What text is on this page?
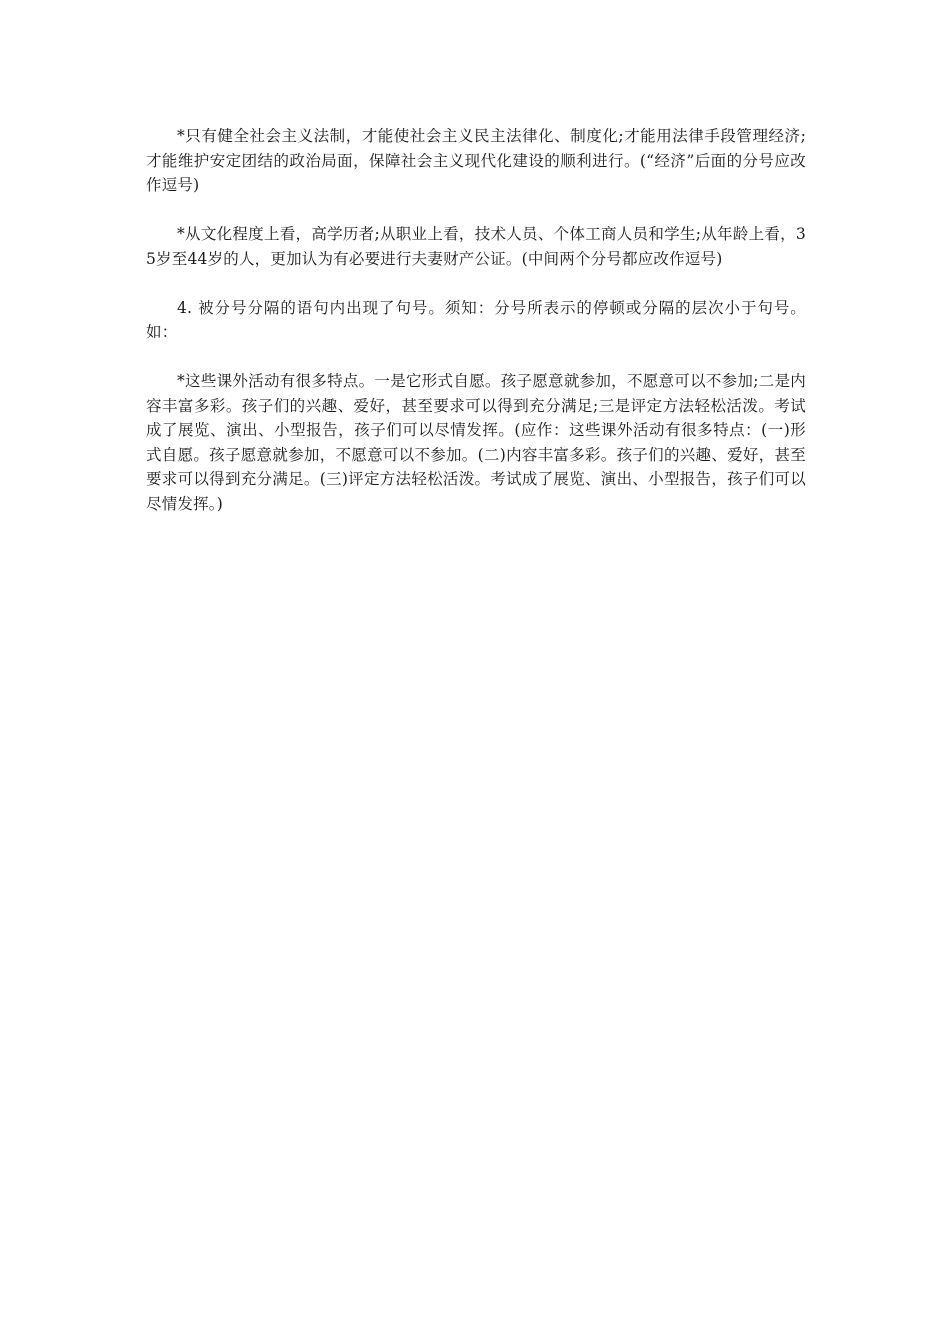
*只有健全社会主义法制，才能使社会主义民主法律化、制度化;才能用法律手段管理经济;才能维护安定团结的政治局面，保障社会主义现代化建设的顺利进行。(“经济”后面的分号应改作逗号)

*从文化程度上看，高学历者;从职业上看，技术人员、个体工商人员和学生;从年龄上看，35岁至44岁的人，更加认为有必要进行夫妻财产公证。(中间两个分号都应改作逗号)

4. 被分号分隔的语句内出现了句号。须知：分号所表示的停顿或分隔的层次小于句号。如：

*这些课外活动有很多特点。一是它形式自愿。孩子愿意就参加，不愿意可以不参加;二是内容丰富多彩。孩子们的兴趣、爱好，甚至要求可以得到充分满足;三是评定方法轻松活泼。考试成了展览、演出、小型报告，孩子们可以尽情发挥。(应作：这些课外活动有很多特点：(一)形式自愿。孩子愿意就参加，不愿意可以不参加。(二)内容丰富多彩。孩子们的兴趣、爱好，甚至要求可以得到充分满足。(三)评定方法轻松活泼。考试成了展览、演出、小型报告，孩子们可以尽情发挥。)
